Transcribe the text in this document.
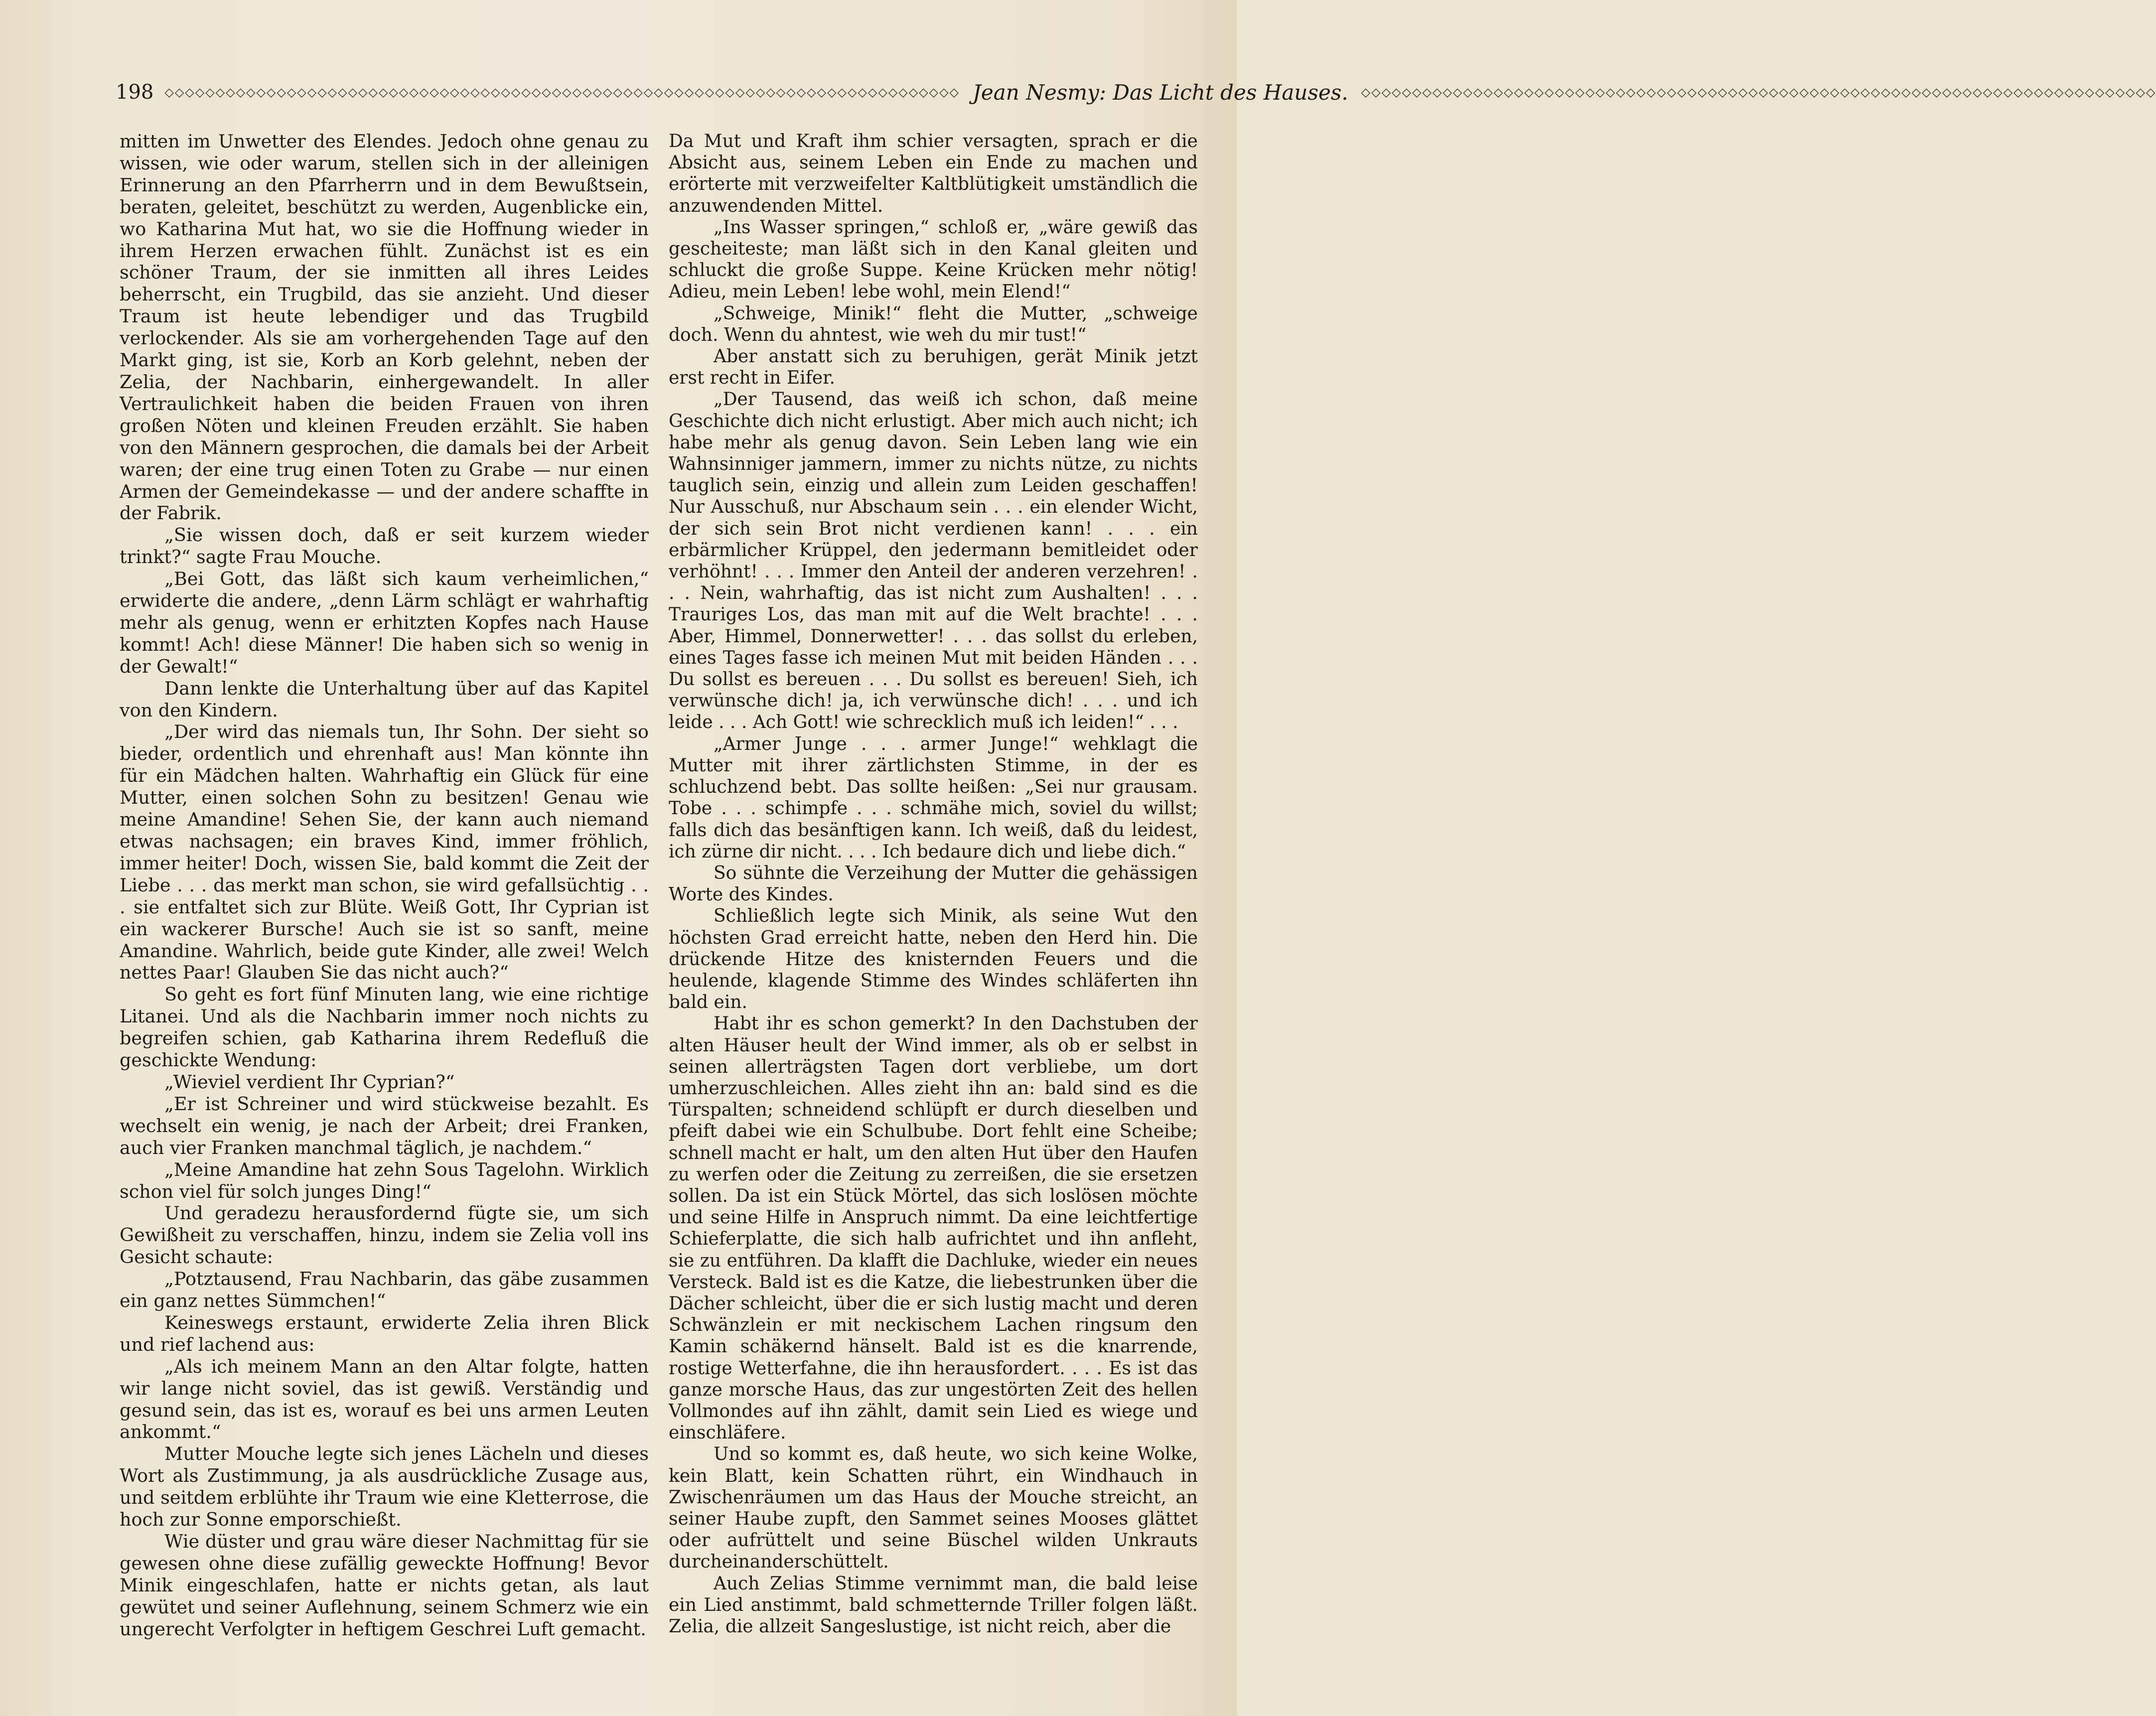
198 ◇◇◇◇◇◇◇◇◇◇◇◇◇◇◇◇◇◇◇◇◇◇◇◇◇◇◇◇◇◇◇◇◇◇◇◇◇◇◇◇◇◇◇◇◇◇◇◇◇◇◇◇◇◇◇◇◇◇◇◇◇◇◇◇◇◇◇◇◇◇◇◇◇◇◇◇◇◇ Jean Nesmy: Das Licht des Hauses. ◇◇◇◇◇◇◇◇◇◇◇◇◇◇◇◇◇◇◇◇◇◇◇◇◇◇◇◇◇◇◇◇◇◇◇◇◇◇◇◇◇◇◇◇◇◇◇◇◇◇◇◇◇◇◇◇◇◇◇◇◇◇◇◇◇◇◇◇◇◇◇◇◇◇◇◇◇◇

mitten im Unwetter des Elendes. Jedoch ohne genau zu wissen, wie oder warum, stellen sich in der alleinigen Erinnerung an den Pfarrherrn und in dem Bewußtsein, beraten, geleitet, beschützt zu werden, Augenblicke ein, wo Katharina Mut hat, wo sie die Hoffnung wieder in ihrem Herzen erwachen fühlt. Zunächst ist es ein schöner Traum, der sie inmitten all ihres Leides beherrscht, ein Trugbild, das sie anzieht. Und dieser Traum ist heute lebendiger und das Trugbild verlockender. Als sie am vorhergehenden Tage auf den Markt ging, ist sie, Korb an Korb gelehnt, neben der Zelia, der Nachbarin, einhergewandelt. In aller Vertraulichkeit haben die beiden Frauen von ihren großen Nöten und kleinen Freuden erzählt. Sie haben von den Männern gesprochen, die damals bei der Arbeit waren; der eine trug einen Toten zu Grabe — nur einen Armen der Gemeindekasse — und der andere schaffte in der Fabrik.

„Sie wissen doch, daß er seit kurzem wieder trinkt?“ sagte Frau Mouche.

„Bei Gott, das läßt sich kaum verheimlichen,“ erwiderte die andere, „denn Lärm schlägt er wahrhaftig mehr als genug, wenn er erhitzten Kopfes nach Hause kommt! Ach! diese Männer! Die haben sich so wenig in der Gewalt!“

Dann lenkte die Unterhaltung über auf das Kapitel von den Kindern.

„Der wird das niemals tun, Ihr Sohn. Der sieht so bieder, ordentlich und ehrenhaft aus! Man könnte ihn für ein Mädchen halten. Wahrhaftig ein Glück für eine Mutter, einen solchen Sohn zu besitzen! Genau wie meine Amandine! Sehen Sie, der kann auch niemand etwas nachsagen; ein braves Kind, immer fröhlich, immer heiter! Doch, wissen Sie, bald kommt die Zeit der Liebe . . . das merkt man schon, sie wird gefallsüchtig . . . sie entfaltet sich zur Blüte. Weiß Gott, Ihr Cyprian ist ein wackerer Bursche! Auch sie ist so sanft, meine Amandine. Wahrlich, beide gute Kinder, alle zwei! Welch nettes Paar! Glauben Sie das nicht auch?“

So geht es fort fünf Minuten lang, wie eine richtige Litanei. Und als die Nachbarin immer noch nichts zu begreifen schien, gab Katharina ihrem Redefluß die geschickte Wendung:

„Wieviel verdient Ihr Cyprian?“

„Er ist Schreiner und wird stückweise bezahlt. Es wechselt ein wenig, je nach der Arbeit; drei Franken, auch vier Franken manchmal täglich, je nachdem.“

„Meine Amandine hat zehn Sous Tagelohn. Wirklich schon viel für solch junges Ding!“

Und geradezu herausfordernd fügte sie, um sich Gewißheit zu verschaffen, hinzu, indem sie Zelia voll ins Gesicht schaute:

„Potztausend, Frau Nachbarin, das gäbe zusammen ein ganz nettes Sümmchen!“

Keineswegs erstaunt, erwiderte Zelia ihren Blick und rief lachend aus:

„Als ich meinem Mann an den Altar folgte, hatten wir lange nicht soviel, das ist gewiß. Verständig und gesund sein, das ist es, worauf es bei uns armen Leuten ankommt.“

Mutter Mouche legte sich jenes Lächeln und dieses Wort als Zustimmung, ja als ausdrückliche Zusage aus, und seitdem erblühte ihr Traum wie eine Kletterrose, die hoch zur Sonne emporschießt.

Wie düster und grau wäre dieser Nachmittag für sie gewesen ohne diese zufällig geweckte Hoffnung! Bevor Minik eingeschlafen, hatte er nichts getan, als laut gewütet und seiner Auflehnung, seinem Schmerz wie ein ungerecht Verfolgter in heftigem Geschrei Luft gemacht.

Da Mut und Kraft ihm schier versagten, sprach er die Absicht aus, seinem Leben ein Ende zu machen und erörterte mit verzweifelter Kaltblütigkeit umständlich die anzuwendenden Mittel.

„Ins Wasser springen,“ schloß er, „wäre gewiß das gescheiteste; man läßt sich in den Kanal gleiten und schluckt die große Suppe. Keine Krücken mehr nötig! Adieu, mein Leben! lebe wohl, mein Elend!“

„Schweige, Minik!“ fleht die Mutter, „schweige doch. Wenn du ahntest, wie weh du mir tust!“

Aber anstatt sich zu beruhigen, gerät Minik jetzt erst recht in Eifer.

„Der Tausend, das weiß ich schon, daß meine Geschichte dich nicht erlustigt. Aber mich auch nicht; ich habe mehr als genug davon. Sein Leben lang wie ein Wahnsinniger jammern, immer zu nichts nütze, zu nichts tauglich sein, einzig und allein zum Leiden geschaffen! Nur Ausschuß, nur Abschaum sein . . . ein elender Wicht, der sich sein Brot nicht verdienen kann! . . . ein erbärmlicher Krüppel, den jedermann bemitleidet oder verhöhnt! . . . Immer den Anteil der anderen verzehren! . . . Nein, wahrhaftig, das ist nicht zum Aushalten! . . . Trauriges Los, das man mit auf die Welt brachte! . . . Aber, Himmel, Donnerwetter! . . . das sollst du erleben, eines Tages fasse ich meinen Mut mit beiden Händen . . . Du sollst es bereuen . . . Du sollst es bereuen! Sieh, ich verwünsche dich! ja, ich verwünsche dich! . . . und ich leide . . . Ach Gott! wie schrecklich muß ich leiden!“ . . .

„Armer Junge . . . armer Junge!“ wehklagt die Mutter mit ihrer zärtlichsten Stimme, in der es schluchzend bebt. Das sollte heißen: „Sei nur grausam. Tobe . . . schimpfe . . . schmähe mich, soviel du willst; falls dich das besänftigen kann. Ich weiß, daß du leidest, ich zürne dir nicht. . . . Ich bedaure dich und liebe dich.“

So sühnte die Verzeihung der Mutter die gehässigen Worte des Kindes.

Schließlich legte sich Minik, als seine Wut den höchsten Grad erreicht hatte, neben den Herd hin. Die drückende Hitze des knisternden Feuers und die heulende, klagende Stimme des Windes schläferten ihn bald ein.

Habt ihr es schon gemerkt? In den Dachstuben der alten Häuser heult der Wind immer, als ob er selbst in seinen allerträgsten Tagen dort verbliebe, um dort umherzuschleichen. Alles zieht ihn an: bald sind es die Türspalten; schneidend schlüpft er durch dieselben und pfeift dabei wie ein Schulbube. Dort fehlt eine Scheibe; schnell macht er halt, um den alten Hut über den Haufen zu werfen oder die Zeitung zu zerreißen, die sie ersetzen sollen. Da ist ein Stück Mörtel, das sich loslösen möchte und seine Hilfe in Anspruch nimmt. Da eine leichtfertige Schieferplatte, die sich halb aufrichtet und ihn anfleht, sie zu entführen. Da klafft die Dachluke, wieder ein neues Versteck. Bald ist es die Katze, die liebestrunken über die Dächer schleicht, über die er sich lustig macht und deren Schwänzlein er mit neckischem Lachen ringsum den Kamin schäkernd hänselt. Bald ist es die knarrende, rostige Wetterfahne, die ihn herausfordert. . . . Es ist das ganze morsche Haus, das zur ungestörten Zeit des hellen Vollmondes auf ihn zählt, damit sein Lied es wiege und einschläfere.

Und so kommt es, daß heute, wo sich keine Wolke, kein Blatt, kein Schatten rührt, ein Windhauch in Zwischenräumen um das Haus der Mouche streicht, an seiner Haube zupft, den Sammet seines Mooses glättet oder aufrüttelt und seine Büschel wilden Unkrauts durcheinanderschüttelt.

Auch Zelias Stimme vernimmt man, die bald leise ein Lied anstimmt, bald schmetternde Triller folgen läßt. Zelia, die allzeit Sangeslustige, ist nicht reich, aber die
